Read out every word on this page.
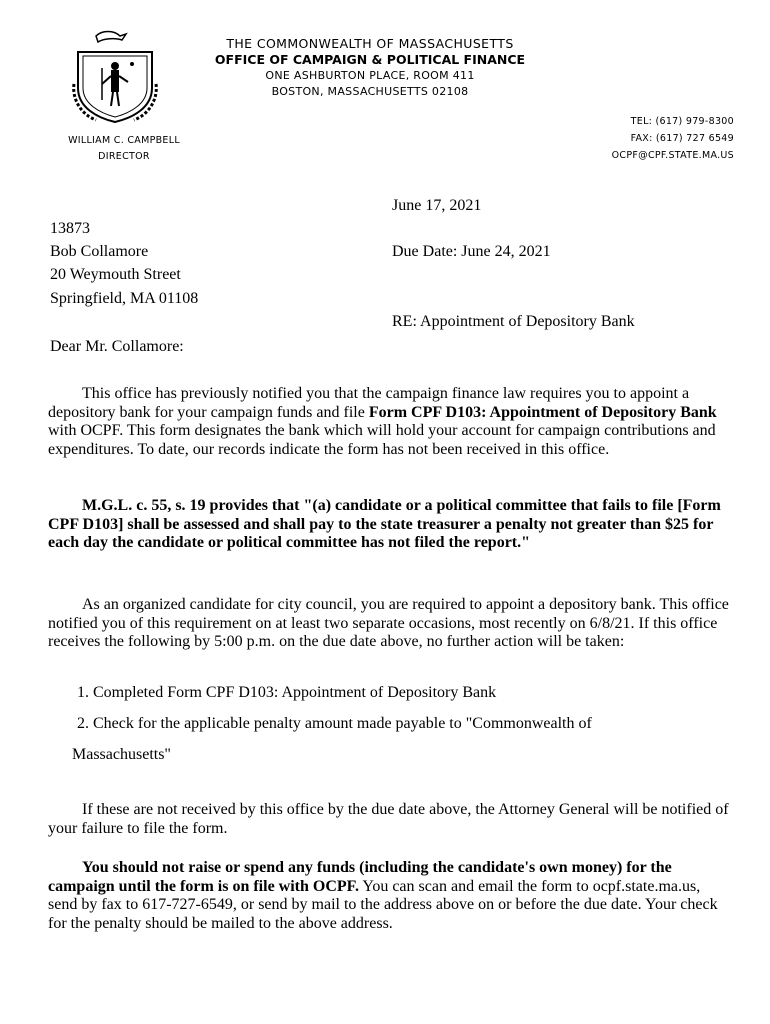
THE COMMONWEALTH OF MASSACHUSETTS
OFFICE OF CAMPAIGN & POLITICAL FINANCE
ONE ASHBURTON PLACE, ROOM 411
BOSTON, MASSACHUSETTS 02108
WILLIAM C. CAMPBELL
DIRECTOR
TEL: (617) 979-8300
FAX: (617) 727 6549
OCPF@CPF.STATE.MA.US
June 17, 2021
13873
Bob Collamore	Due Date: June 24, 2021
20 Weymouth Street
Springfield, MA 01108
RE: Appointment of Depository Bank
Dear Mr. Collamore:
This office has previously notified you that the campaign finance law requires you to appoint a depository bank for your campaign funds and file Form CPF D103: Appointment of Depository Bank with OCPF. This form designates the bank which will hold your account for campaign contributions and expenditures. To date, our records indicate the form has not been received in this office.
M.G.L. c. 55, s. 19 provides that "(a) candidate or a political committee that fails to file [Form CPF D103] shall be assessed and shall pay to the state treasurer a penalty not greater than $25 for each day the candidate or political committee has not filed the report."
As an organized candidate for city council, you are required to appoint a depository bank. This office notified you of this requirement on at least two separate occasions, most recently on 6/8/21. If this office receives the following by 5:00 p.m. on the due date above, no further action will be taken:
1. Completed Form CPF D103: Appointment of Depository Bank
2. Check for the applicable penalty amount made payable to "Commonwealth of
Massachusetts"
If these are not received by this office by the due date above, the Attorney General will be notified of your failure to file the form.
You should not raise or spend any funds (including the candidate's own money) for the campaign until the form is on file with OCPF. You can scan and email the form to ocpf.state.ma.us, send by fax to 617-727-6549, or send by mail to the address above on or before the due date. Your check for the penalty should be mailed to the above address.
